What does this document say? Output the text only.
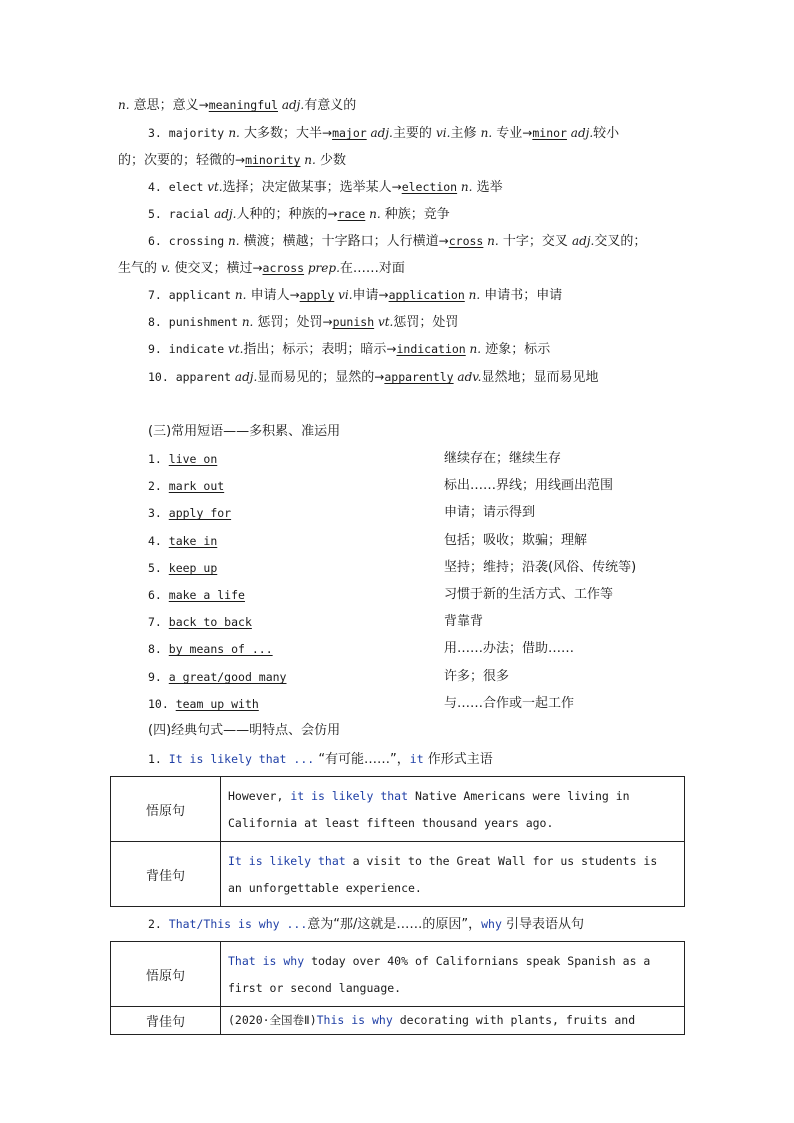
n. 意思；意义→meaningful adj.有意义的
3. majority n. 大多数；大半→major adj.主要的 vi.主修 n. 专业→minor adj.较小
的；次要的；轻微的→minority n. 少数
4. elect vt.选择；决定做某事；选举某人→election n. 选举
5. racial adj.人种的；种族的→race n. 种族；竞争
6. crossing n. 横渡；横越；十字路口；人行横道→cross n. 十字；交叉 adj.交叉的；
生气的 v. 使交叉；横过→across prep.在……对面
7. applicant n. 申请人→apply vi.申请→application n. 申请书；申请
8. punishment n. 惩罚；处罚→punish vt.惩罚；处罚
9. indicate vt.指出；标示；表明；暗示→indication n. 迹象；标示
10. apparent adj.显而易见的；显然的→apparently adv.显然地；显而易见地
(三)常用短语——多积累、准运用
1. live on	继续存在；继续生存
2. mark out	标出……界线；用线画出范围
3. apply for	申请；请示得到
4. take in	包括；吸收；欺骗；理解
5. keep up	坚持；维持；沿袭(风俗、传统等)
6. make a life	习惯于新的生活方式、工作等
7. back to back	背靠背
8. by means of ...	用……办法；借助……
9. a great/good many	许多；很多
10. team up with	与……合作或一起工作
(四)经典句式——明特点、会仿用
1. It is likely that ... “有可能……”，it 作形式主语
悟原句	However, it is likely that Native Americans were living in California at least fifteen thousand years ago.
背佳句	It is likely that a visit to the Great Wall for us students is an unforgettable experience.
2. That/This is why ...意为“那/这就是……的原因”，why 引导表语从句
悟原句	That is why today over 40% of Californians speak Spanish as a first or second language.
背佳句	(2020·全国卷Ⅱ)This is why decorating with plants, fruits and
